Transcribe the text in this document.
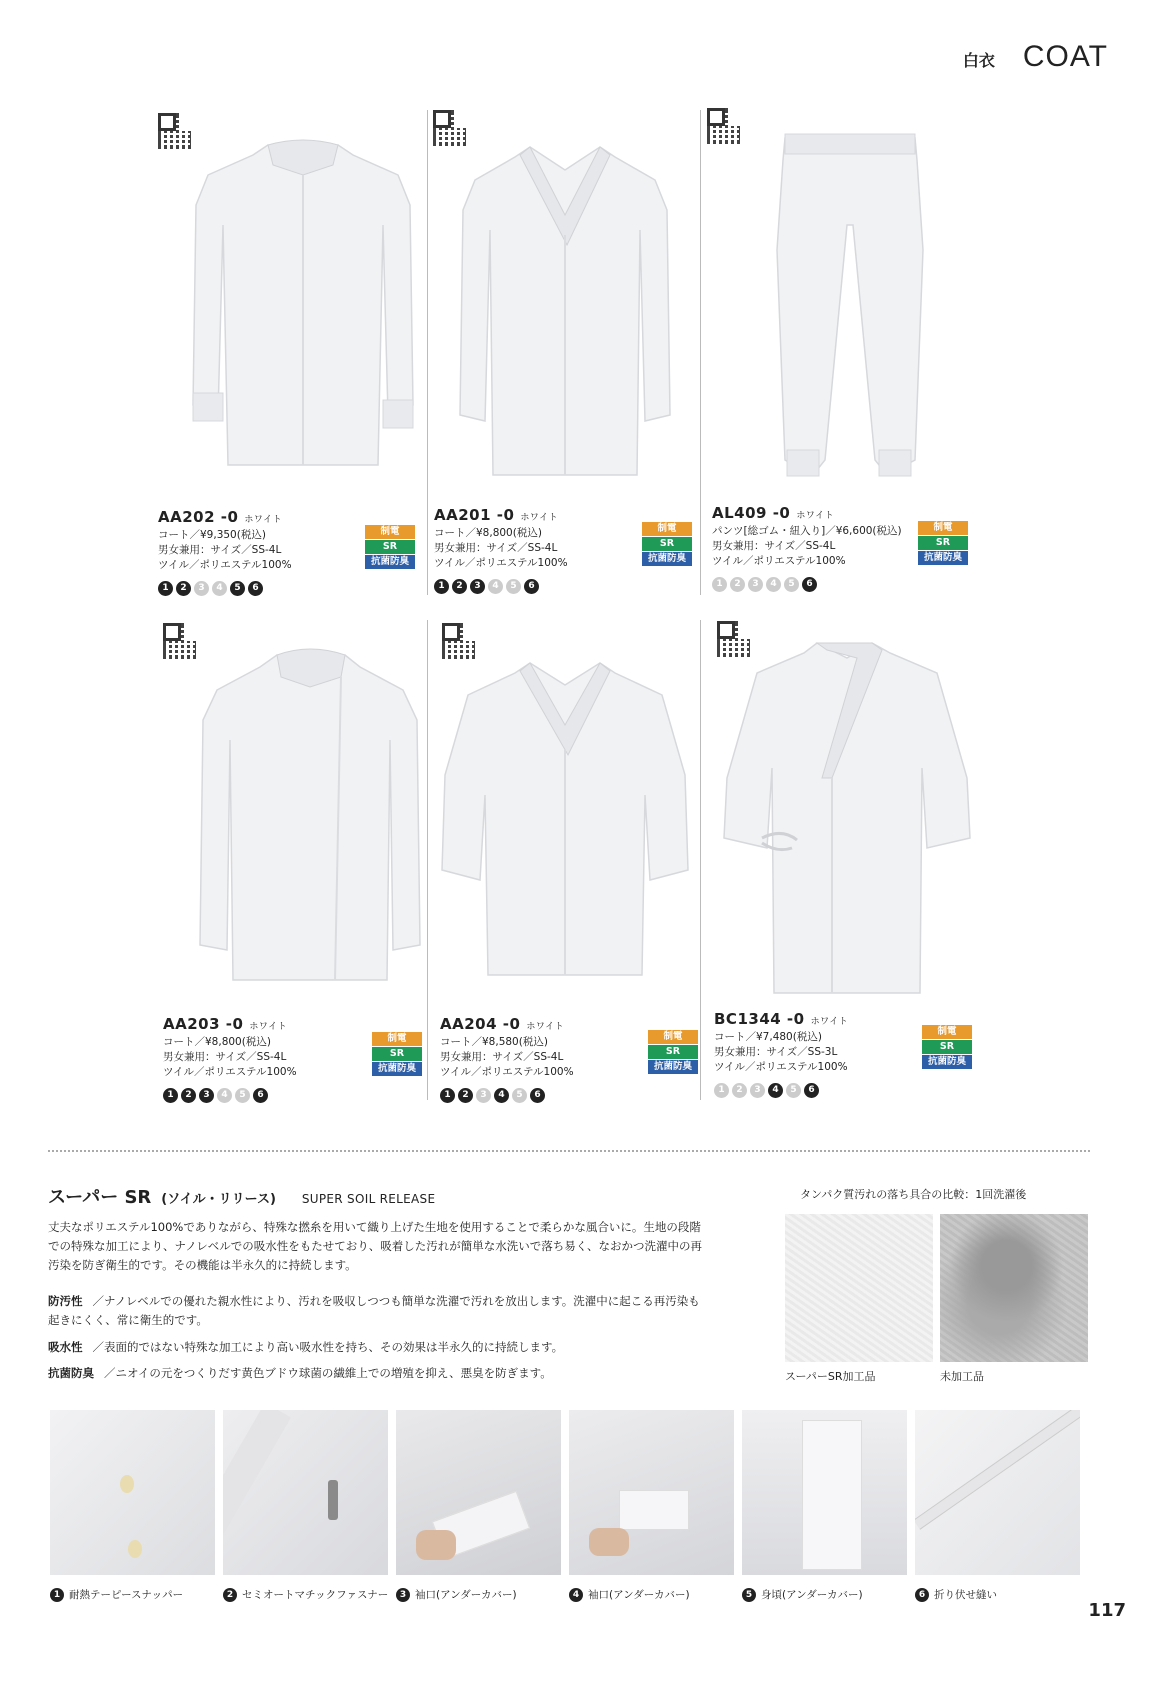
白衣 COAT
AA202 -0 ホワイト
コート／¥9,350(税込)
男女兼用：サイズ／SS-4L
ツイル／ポリエステル100%
1	2	3	4	5	6
制電
SR
抗菌防臭
AA201 -0 ホワイト
コート／¥8,800(税込)
男女兼用：サイズ／SS-4L
ツイル／ポリエステル100%
1	2	3	4	5	6
制電
SR
抗菌防臭
AL409 -0 ホワイト
パンツ[総ゴム・紐入り]／¥6,600(税込)
男女兼用：サイズ／SS-4L
ツイル／ポリエステル100%
1	2	3	4	5	6
制電
SR
抗菌防臭
AA203 -0 ホワイト
コート／¥8,800(税込)
男女兼用：サイズ／SS-4L
ツイル／ポリエステル100%
1	2	3	4	5	6
制電
SR
抗菌防臭
AA204 -0 ホワイト
コート／¥8,580(税込)
男女兼用：サイズ／SS-4L
ツイル／ポリエステル100%
1	2	3	4	5	6
制電
SR
抗菌防臭
BC1344 -0 ホワイト
コート／¥7,480(税込)
男女兼用：サイズ／SS-3L
ツイル／ポリエステル100%
1	2	3	4	5	6
制電
SR
抗菌防臭
スーパー SR (ソイル・リリース) SUPER SOIL RELEASE
丈夫なポリエステル100%でありながら、特殊な撚糸を用いて織り上げた生地を使用することで柔らかな風合いに。生地の段階
での特殊な加工により、ナノレベルでの吸水性をもたせており、吸着した汚れが簡単な水洗いで落ち易く、なおかつ洗濯中の再
汚染を防ぎ衛生的です。その機能は半永久的に持続します。
防汚性 ／ナノレベルでの優れた親水性により、汚れを吸収しつつも簡単な洗濯で汚れを放出します。洗濯中に起こる再汚染も
起きにくく、常に衛生的です。
吸水性 ／表面的ではない特殊な加工により高い吸水性を持ち、その効果は半永久的に持続します。
抗菌防臭 ／ニオイの元をつくりだす黄色ブドウ球菌の繊維上での増殖を抑え、悪臭を防ぎます。
タンパク質汚れの落ち具合の比較：1回洗濯後
スーパーSR加工品	未加工品
1 耐熱テーピースナッパー	2 セミオートマチックファスナー	3 袖口(アンダーカバー)	4 袖口(アンダーカバー)	5 身頃(アンダーカバー)	6 折り伏せ縫い
117
